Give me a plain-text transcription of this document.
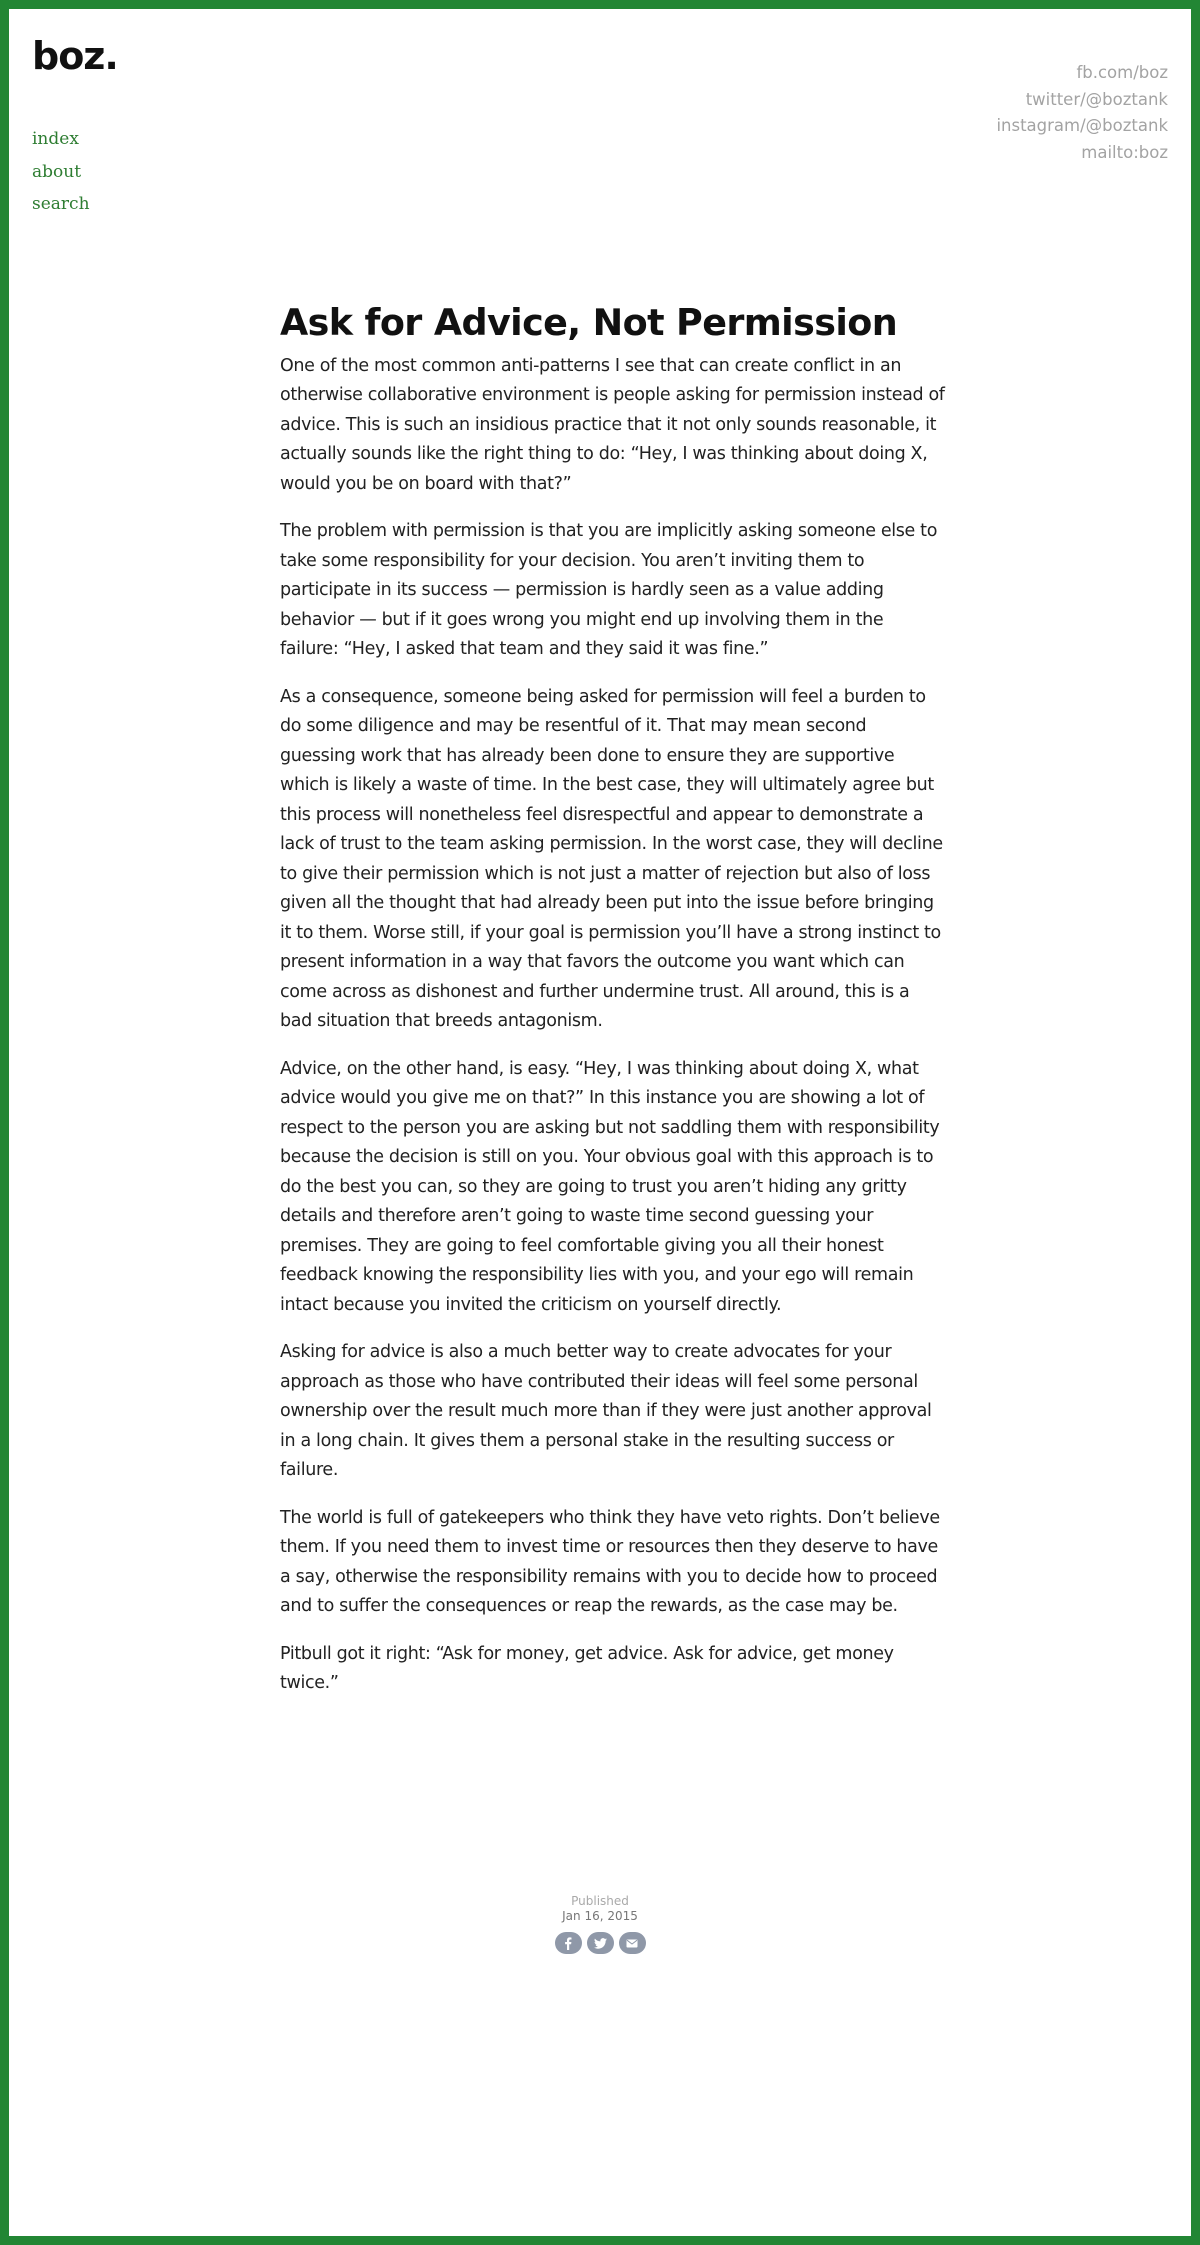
boz.
index
about
search
fb.com/boz
twitter/@boztank
instagram/@boztank
mailto:boz
Ask for Advice, Not Permission

One of the most common anti-patterns I see that can create conflict in an otherwise collaborative environment is people asking for permission instead of advice. This is such an insidious practice that it not only sounds reasonable, it actually sounds like the right thing to do: “Hey, I was thinking about doing X, would you be on board with that?”

The problem with permission is that you are implicitly asking someone else to take some responsibility for your decision. You aren’t inviting them to participate in its success — permission is hardly seen as a value adding behavior — but if it goes wrong you might end up involving them in the failure: “Hey, I asked that team and they said it was fine.”

As a consequence, someone being asked for permission will feel a burden to do some diligence and may be resentful of it. That may mean second guessing work that has already been done to ensure they are supportive which is likely a waste of time. In the best case, they will ultimately agree but this process will nonetheless feel disrespectful and appear to demonstrate a lack of trust to the team asking permission. In the worst case, they will decline to give their permission which is not just a matter of rejection but also of loss given all the thought that had already been put into the issue before bringing it to them. Worse still, if your goal is permission you’ll have a strong instinct to present information in a way that favors the outcome you want which can come across as dishonest and further undermine trust. All around, this is a bad situation that breeds antagonism.

Advice, on the other hand, is easy. “Hey, I was thinking about doing X, what advice would you give me on that?” In this instance you are showing a lot of respect to the person you are asking but not saddling them with responsibility because the decision is still on you. Your obvious goal with this approach is to do the best you can, so they are going to trust you aren’t hiding any gritty details and therefore aren’t going to waste time second guessing your premises. They are going to feel comfortable giving you all their honest feedback knowing the responsibility lies with you, and your ego will remain intact because you invited the criticism on yourself directly.

Asking for advice is also a much better way to create advocates for your approach as those who have contributed their ideas will feel some personal ownership over the result much more than if they were just another approval in a long chain. It gives them a personal stake in the resulting success or failure.

The world is full of gatekeepers who think they have veto rights. Don’t believe them. If you need them to invest time or resources then they deserve to have a say, otherwise the responsibility remains with you to decide how to proceed and to suffer the consequences or reap the rewards, as the case may be.

Pitbull got it right: “Ask for money, get advice. Ask for advice, get money twice.”

Published
Jan 16, 2015
